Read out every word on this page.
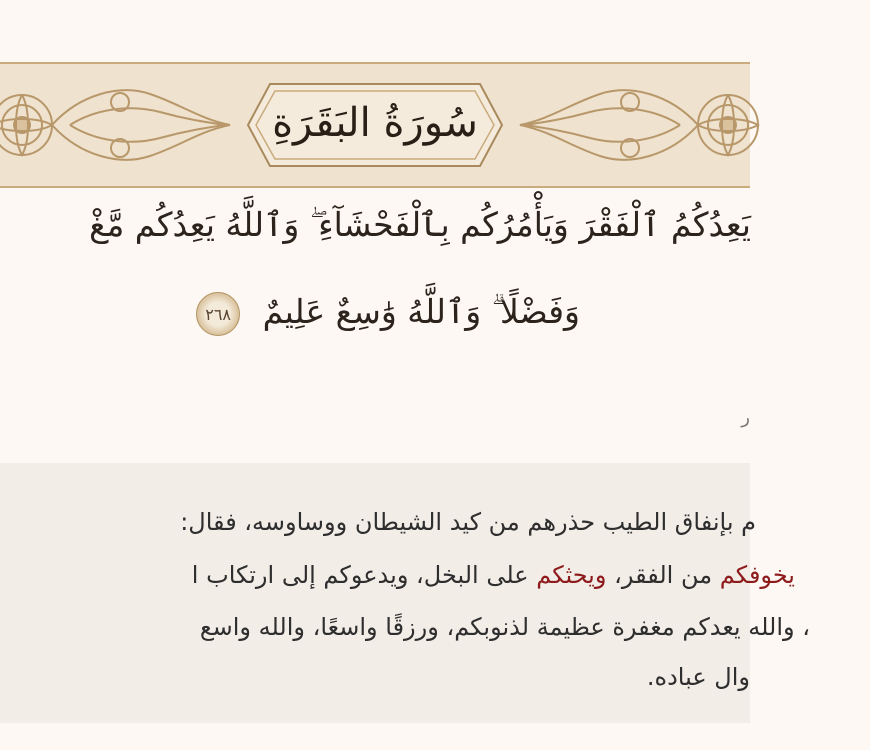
سُورَةُ البَقَرَةِ
يَعِدُكُمُ ٱلْفَقْرَ وَيَأْمُرُكُم بِٱلْفَحْشَآءِ ۖ وَٱللَّهُ يَعِدُكُم مَّغْ
وَفَضْلًا ۗ وَٱللَّهُ وَٰسِعٌ عَلِيمٌ ٢٦٨
ر
م بإنفاق الطيب حذرهم من كيد الشيطان ووساوسه، فقال:
يخوفكم من الفقر، ويحثكم على البخل، ويدعوكم إلى ارتكاب ا
، والله يعدكم مغفرة عظيمة لذنوبكم، ورزقًا واسعًا، والله واسع
وال عباده.
